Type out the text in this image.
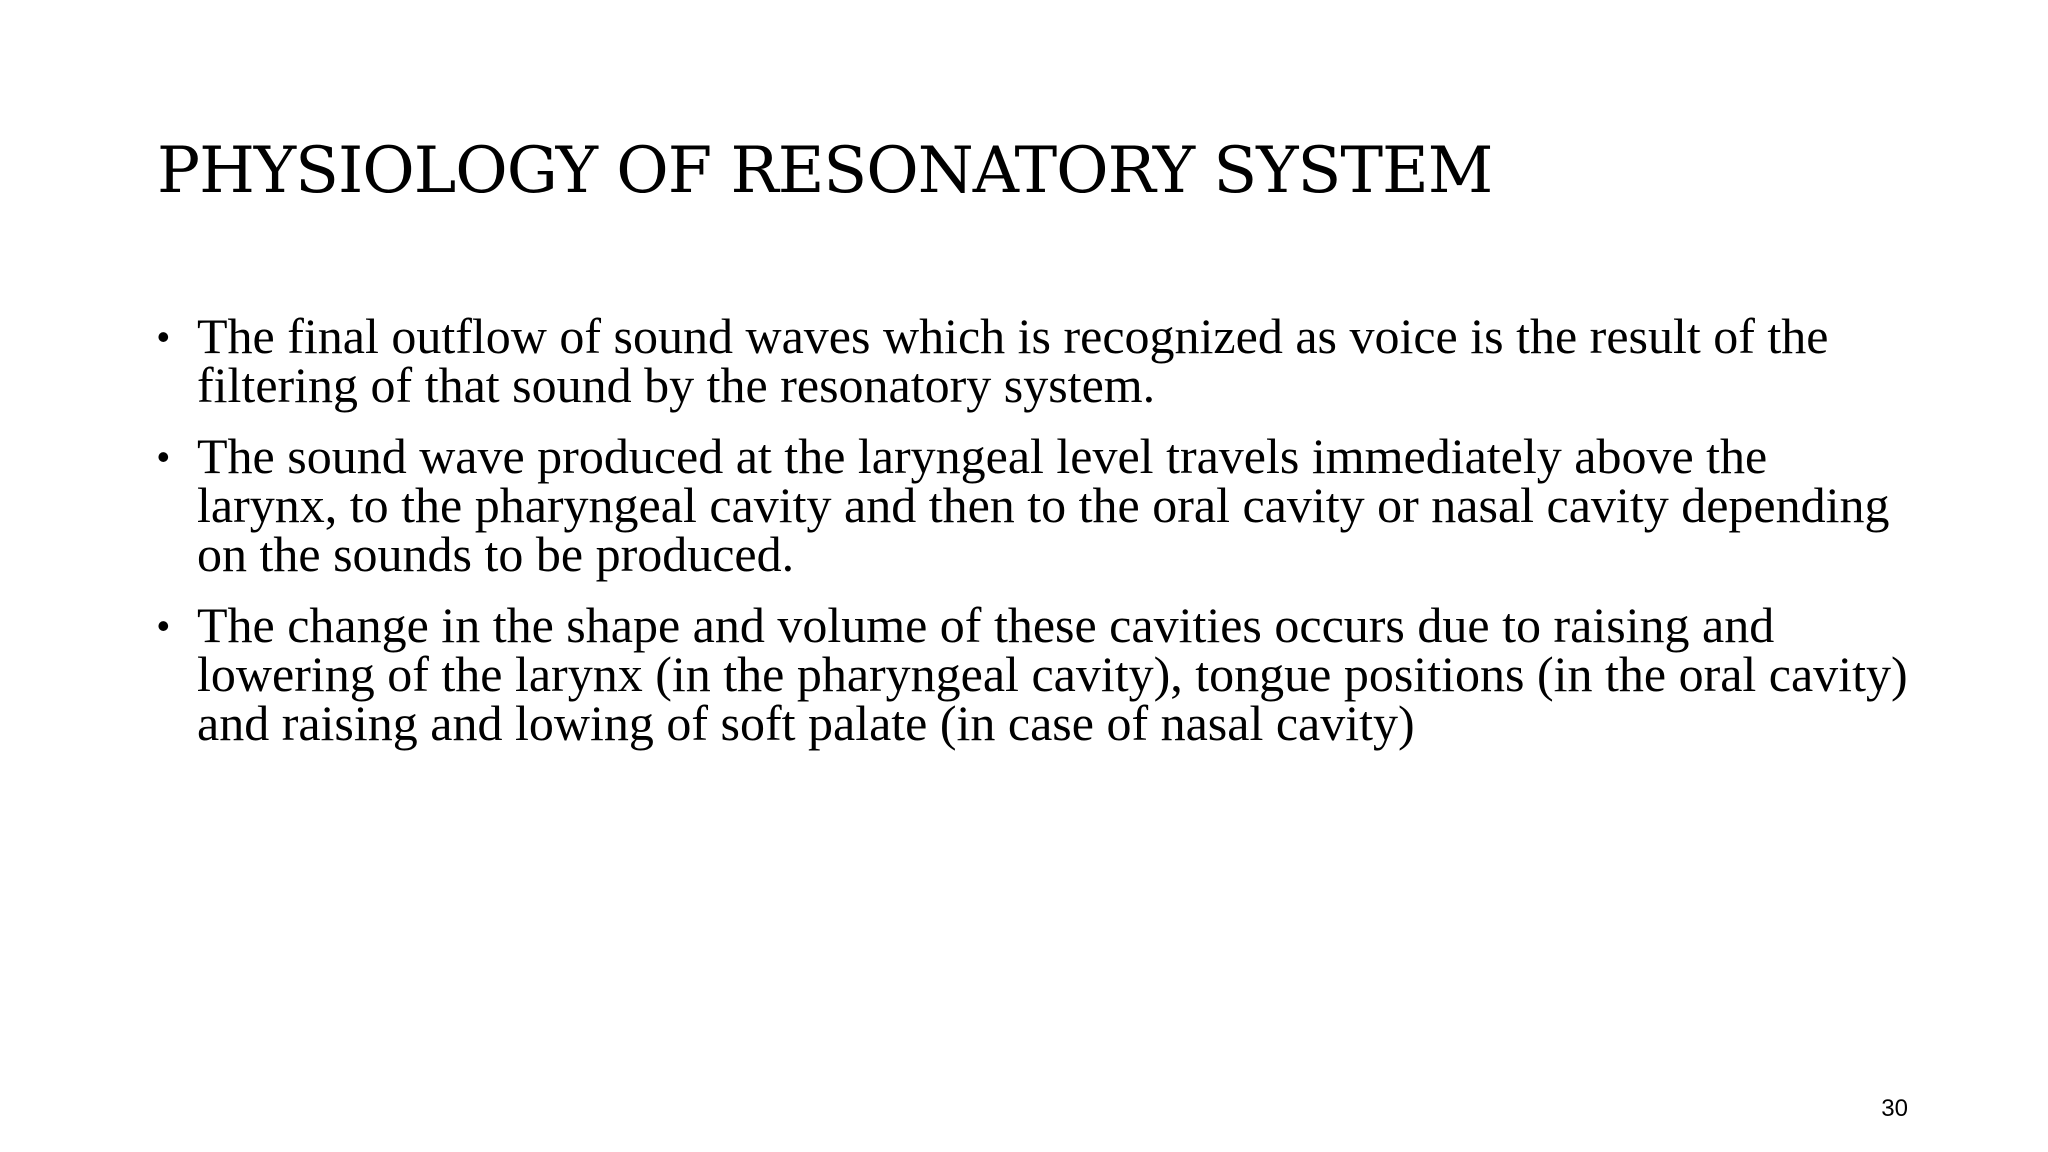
PHYSIOLOGY OF RESONATORY SYSTEM
• The final outflow of sound waves which is recognized as voice is the result of the filtering of that sound by the resonatory system.
• The sound wave produced at the laryngeal level travels immediately above the larynx, to the pharyngeal cavity and then to the oral cavity or nasal cavity depending on the sounds to be produced.
• The change in the shape and volume of these cavities occurs due to raising and lowering of the larynx (in the pharyngeal cavity), tongue positions (in the oral cavity) and raising and lowing of soft palate (in case of nasal cavity)
30
